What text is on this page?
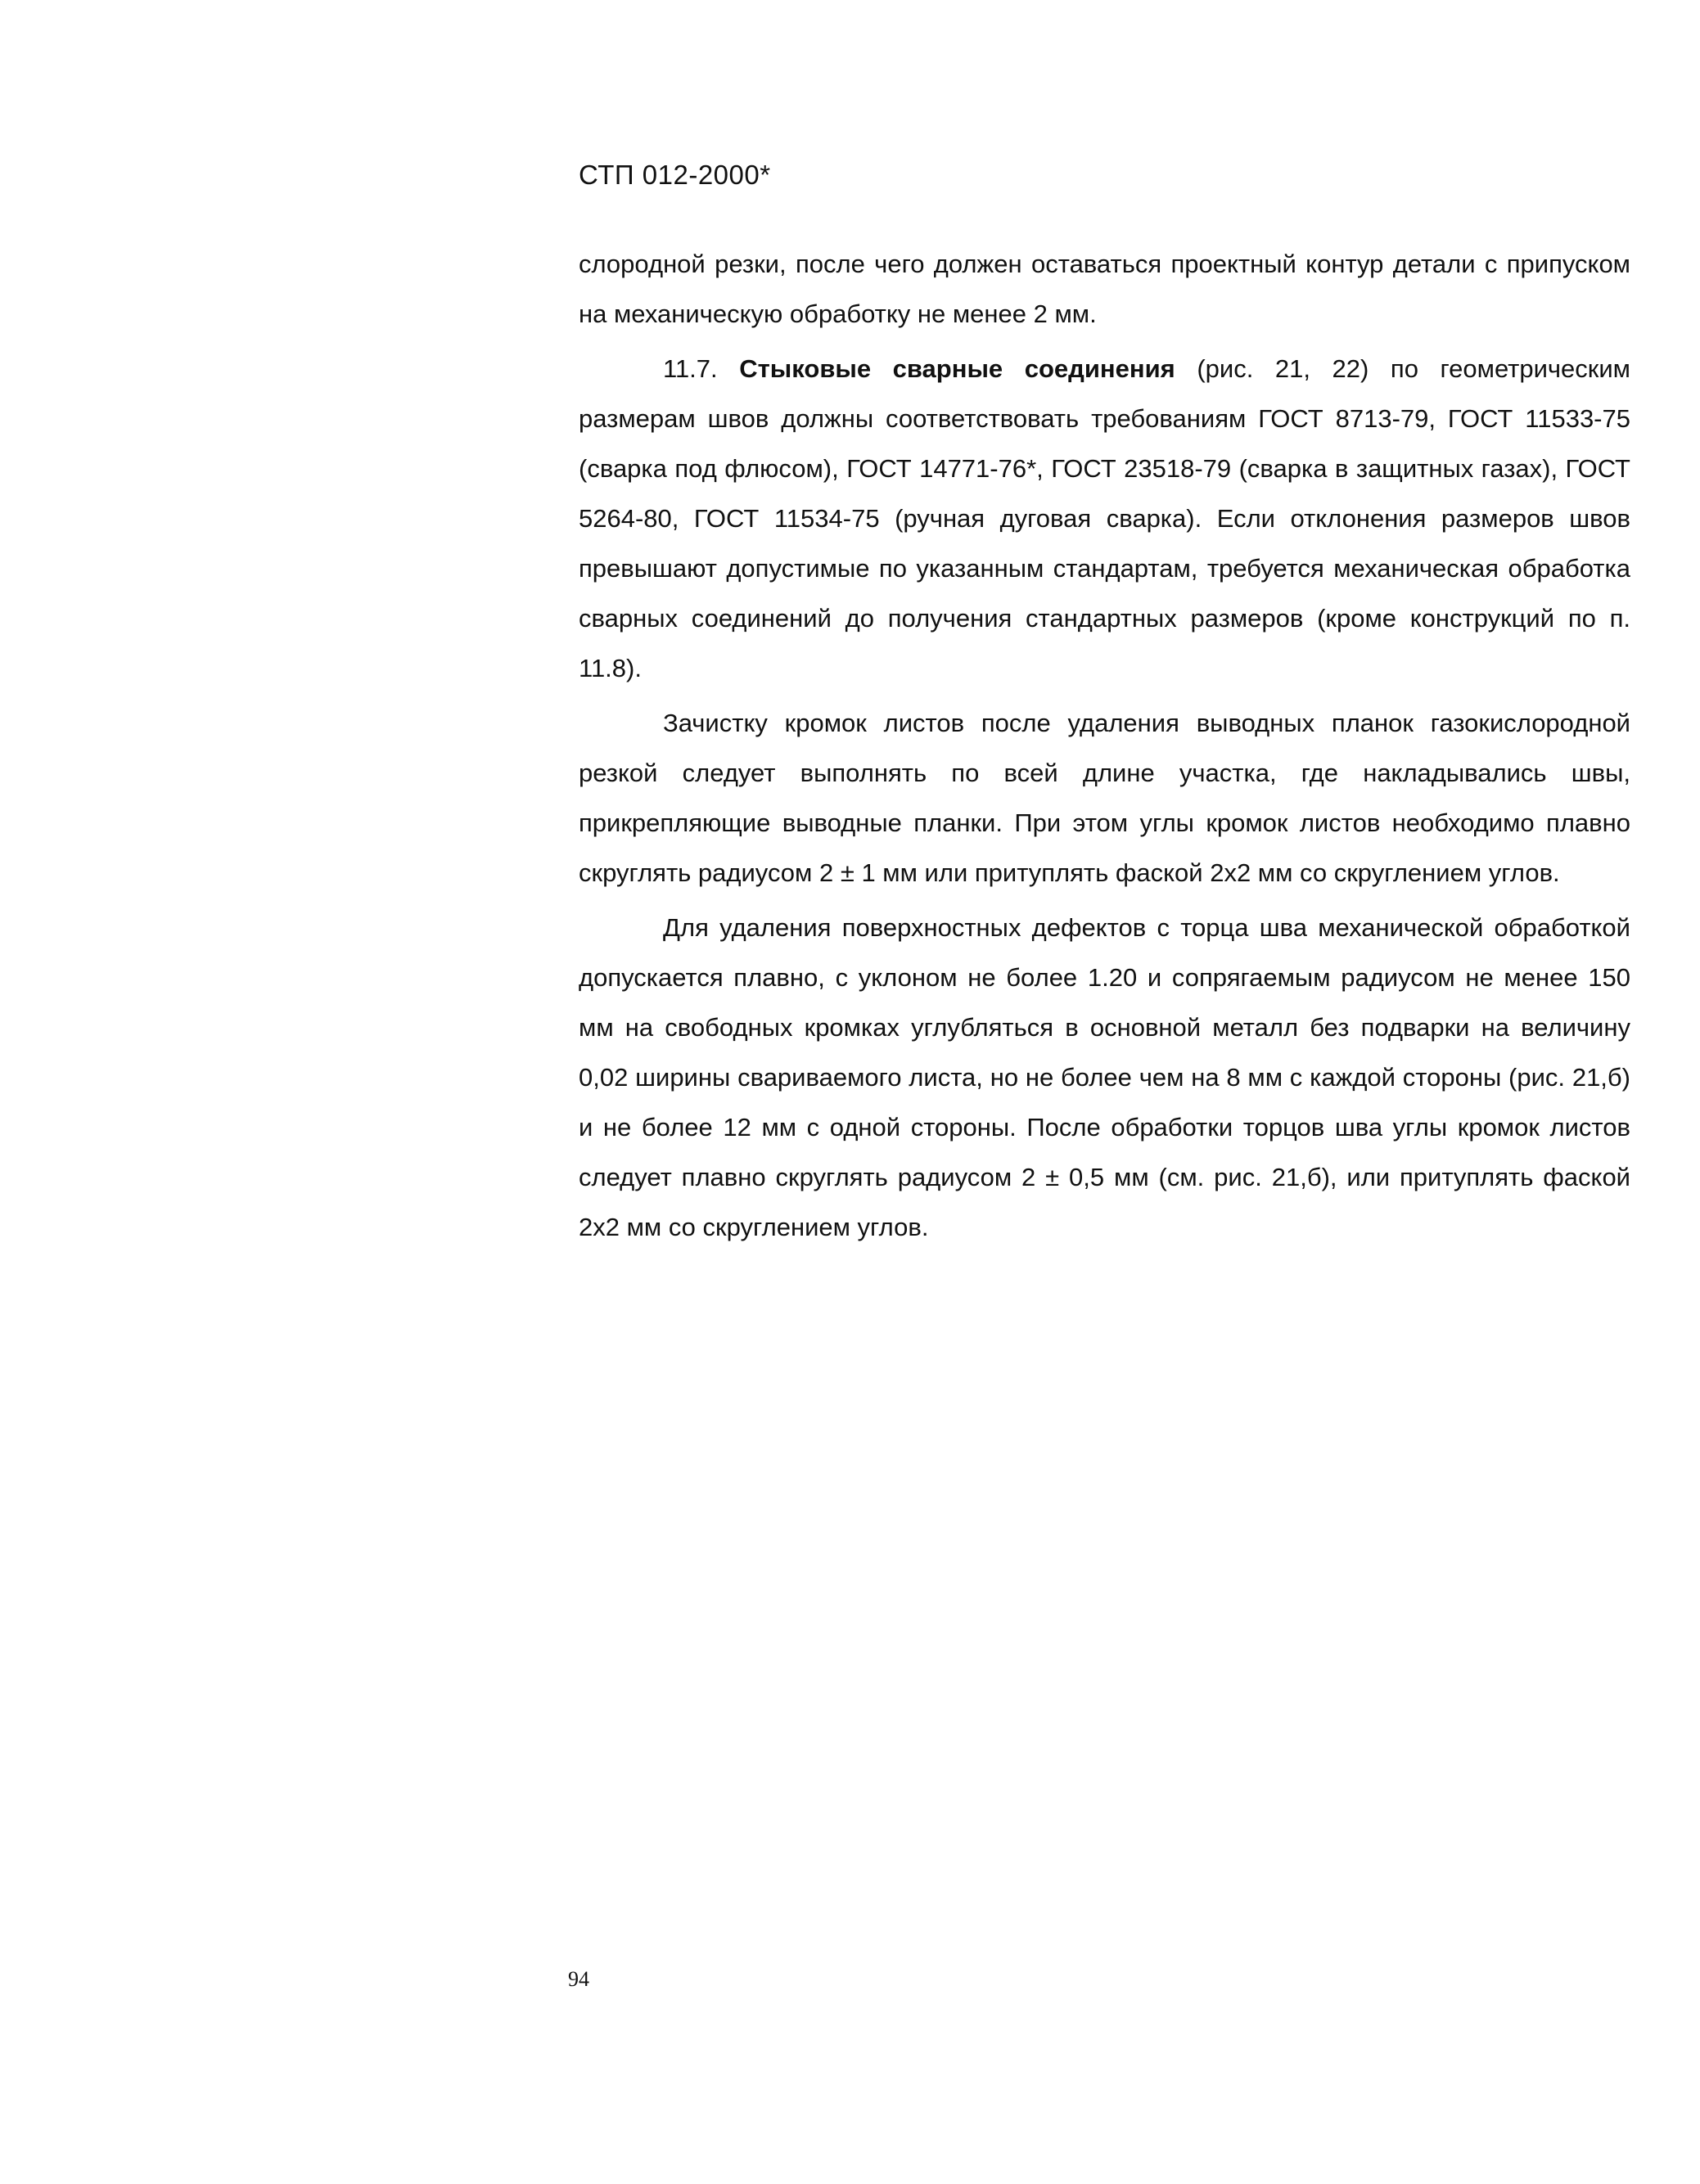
СТП 012-2000*

слородной резки, после чего должен оставаться проектный контур детали с припуском на механическую обработку не менее 2 мм.

11.7. Стыковые сварные соединения (рис. 21, 22) по геометрическим размерам швов должны соответствовать требованиям ГОСТ 8713-79, ГОСТ 11533-75 (сварка под флюсом), ГОСТ 14771-76*, ГОСТ 23518-79 (сварка в защитных газах), ГОСТ 5264-80, ГОСТ 11534-75 (ручная дуговая сварка). Если отклонения размеров швов превышают допустимые по указанным стандартам, требуется механическая обработка сварных соединений до получения стандартных размеров (кроме конструкций по п. 11.8).

Зачистку кромок листов после удаления выводных планок газокислородной резкой следует выполнять по всей длине участка, где накладывались швы, прикрепляющие выводные планки. При этом углы кромок листов необходимо плавно скруглять радиусом 2 ± 1 мм или притуплять фаской 2х2 мм со скруглением углов.

Для удаления поверхностных дефектов с торца шва механической обработкой допускается плавно, с уклоном не более 1.20 и сопрягаемым радиусом не менее 150 мм на свободных кромках углубляться в основной металл без подварки на величину 0,02 ширины свариваемого листа, но не более чем на 8 мм с каждой стороны (рис. 21,б) и не более 12 мм с одной стороны. После обработки торцов шва углы кромок листов следует плавно скруглять радиусом 2 ± 0,5 мм (см. рис. 21,б), или притуплять фаской 2х2 мм со скруглением углов.

94
